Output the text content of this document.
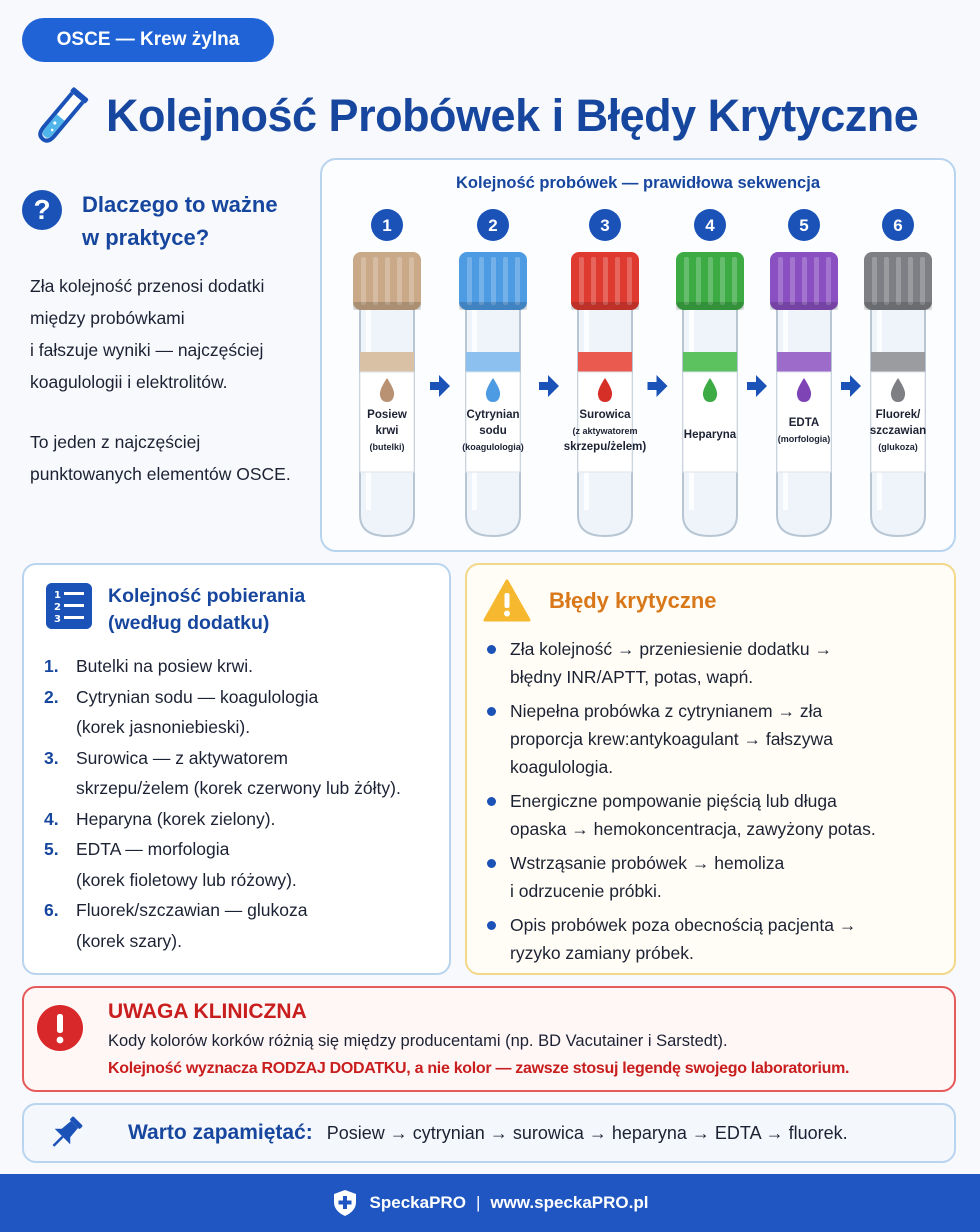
OSCE — Krew żylna
Kolejność Probówek i Błędy Krytyczne
?	Dlaczego to ważne
w praktyce?
Zła kolejność przenosi dodatki
między probówkami
i fałszuje wyniki — najczęściej
koagulologii i elektrolitów.
To jeden z najczęściej
punktowanych elementów OSCE.
Kolejność probówek — prawidłowa sekwencja
1
Posiew
krwi
(butelki)
2
Cytrynian
sodu
(koagulologia)
3
Surowica
(z aktywatorem
skrzepu/żelem)
4
Heparyna
5
EDTA
(morfologia)
6
Fluorek/
szczawian
(glukoza)
1
2
3
Kolejność pobierania
(według dodatku)
1. Butelki na posiew krwi.
2. Cytrynian sodu — koagulologia
(korek jasnoniebieski).
3. Surowica — z aktywatorem
skrzepu/żelem (korek czerwony lub żółty).
4. Heparyna (korek zielony).
5. EDTA — morfologia
(korek fioletowy lub różowy).
6. Fluorek/szczawian — glukoza
(korek szary).
Błędy krytyczne
Zła kolejność → przeniesienie dodatku →
błędny INR/APTT, potas, wapń.
Niepełna probówka z cytrynianem → zła
proporcja krew:antykoagulant → fałszywa
koagulologia.
Energiczne pompowanie pięścią lub długa
opaska → hemokoncentracja, zawyżony potas.
Wstrząsanie probówek → hemoliza
i odrzucenie próbki.
Opis probówek poza obecnością pacjenta →
ryzyko zamiany próbek.
UWAGA KLINICZNA
Kody kolorów korków różnią się między producentami (np. BD Vacutainer i Sarstedt).
Kolejność wyznacza RODZAJ DODATKU, a nie kolor — zawsze stosuj legendę swojego laboratorium.
Warto zapamiętać: Posiew → cytrynian → surowica → heparyna → EDTA → fluorek.
SpeckaPRO | www.speckaPRO.pl
